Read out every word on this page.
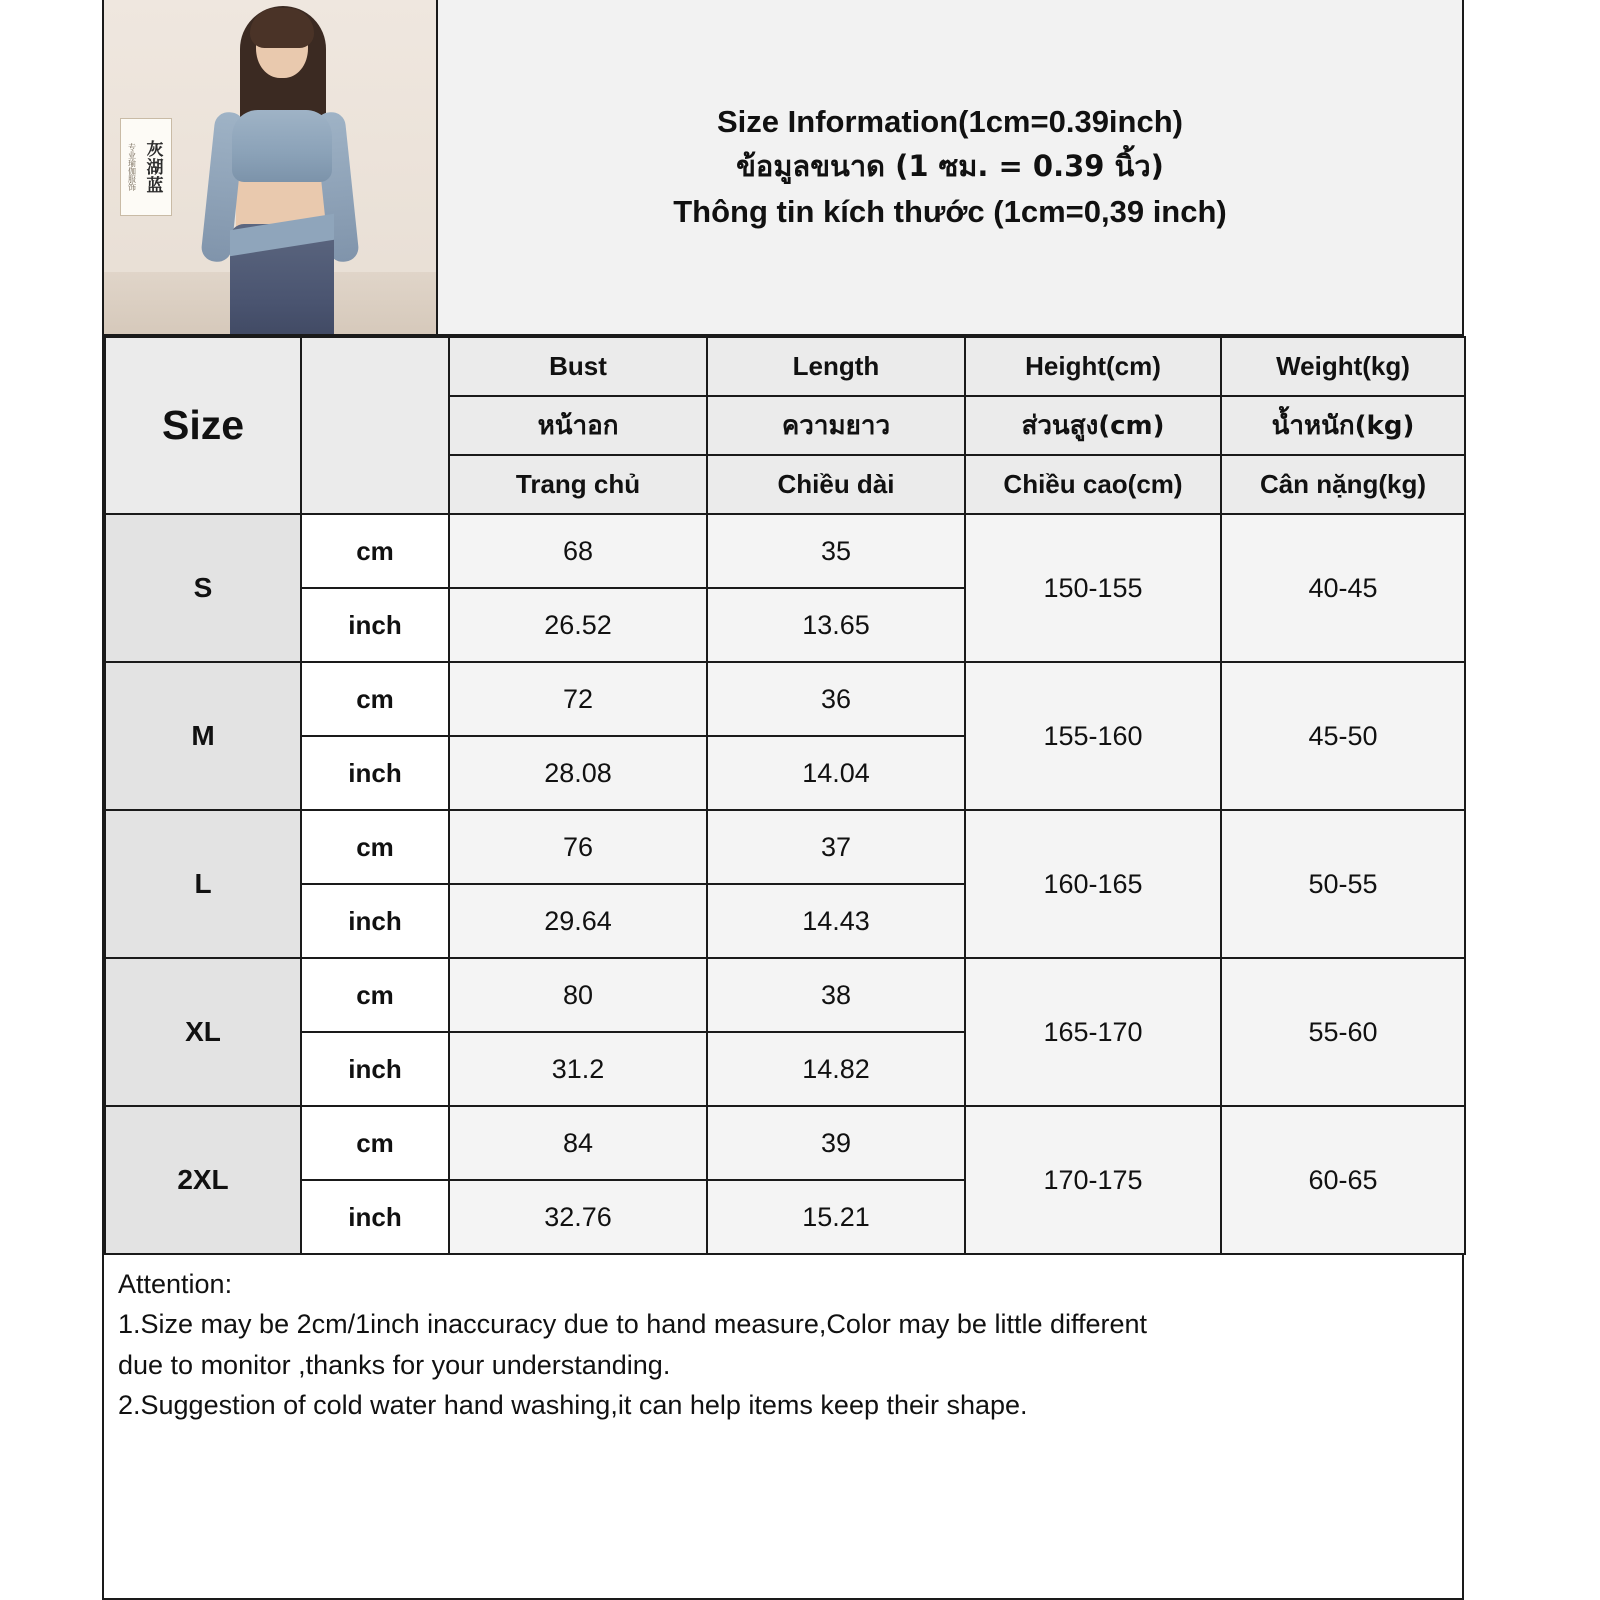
专业瑜伽服饰 灰湖蓝
Size Information(1cm=0.39inch)
ข้อมูลขนาด (1 ซม. = 0.39 นิ้ว)
Thông tin kích thước (1cm=0,39 inch)
Size		Bust	Length	Height(cm)	Weight(kg)
		หน้าอก	ความยาว	ส่วนสูง(cm)	น้ำหนัก(kg)
		Trang chủ	Chiều dài	Chiều cao(cm)	Cân nặng(kg)
S	cm	68	35	150-155	40-45
	inch	26.52	13.65		
M	cm	72	36	155-160	45-50
	inch	28.08	14.04		
L	cm	76	37	160-165	50-55
	inch	29.64	14.43		
XL	cm	80	38	165-170	55-60
	inch	31.2	14.82		
2XL	cm	84	39	170-175	60-65
	inch	32.76	15.21		

Attention:

1.Size may be 2cm/1inch inaccuracy due to hand measure,Color may be little different

due to monitor ,thanks for your understanding.

2.Suggestion of cold water hand washing,it can help items keep their shape.
